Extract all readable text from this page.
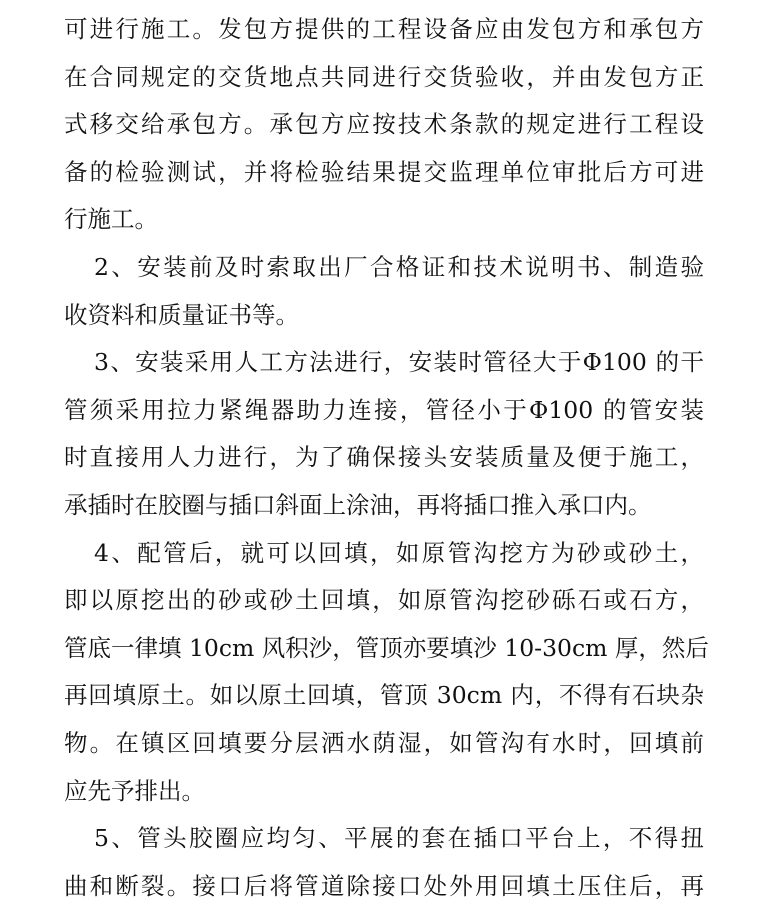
可进行施工。发包方提供的工程设备应由发包方和承包方
在合同规定的交货地点共同进行交货验收，并由发包方正
式移交给承包方。承包方应按技术条款的规定进行工程设
备的检验测试，并将检验结果提交监理单位审批后方可进
行施工。
2、安装前及时索取出厂合格证和技术说明书、制造验
收资料和质量证书等。
3、安装采用人工方法进行，安装时管径大于Φ100 的干
管须采用拉力紧绳器助力连接，管径小于Φ100 的管安装
时直接用人力进行，为了确保接头安装质量及便于施工，
承插时在胶圈与插口斜面上涂油，再将插口推入承口内。
4、配管后，就可以回填，如原管沟挖方为砂或砂土，
即以原挖出的砂或砂土回填，如原管沟挖砂砾石或石方，
管底一律填 10cm 风积沙，管顶亦要填沙 10-30cm 厚，然后
再回填原土。如以原土回填，管顶 30cm 内，不得有石块杂
物。在镇区回填要分层洒水荫湿，如管沟有水时，回填前
应先予排出。
5、管头胶圈应均匀、平展的套在插口平台上，不得扭
曲和断裂。接口后将管道除接口处外用回填土压住后，再
